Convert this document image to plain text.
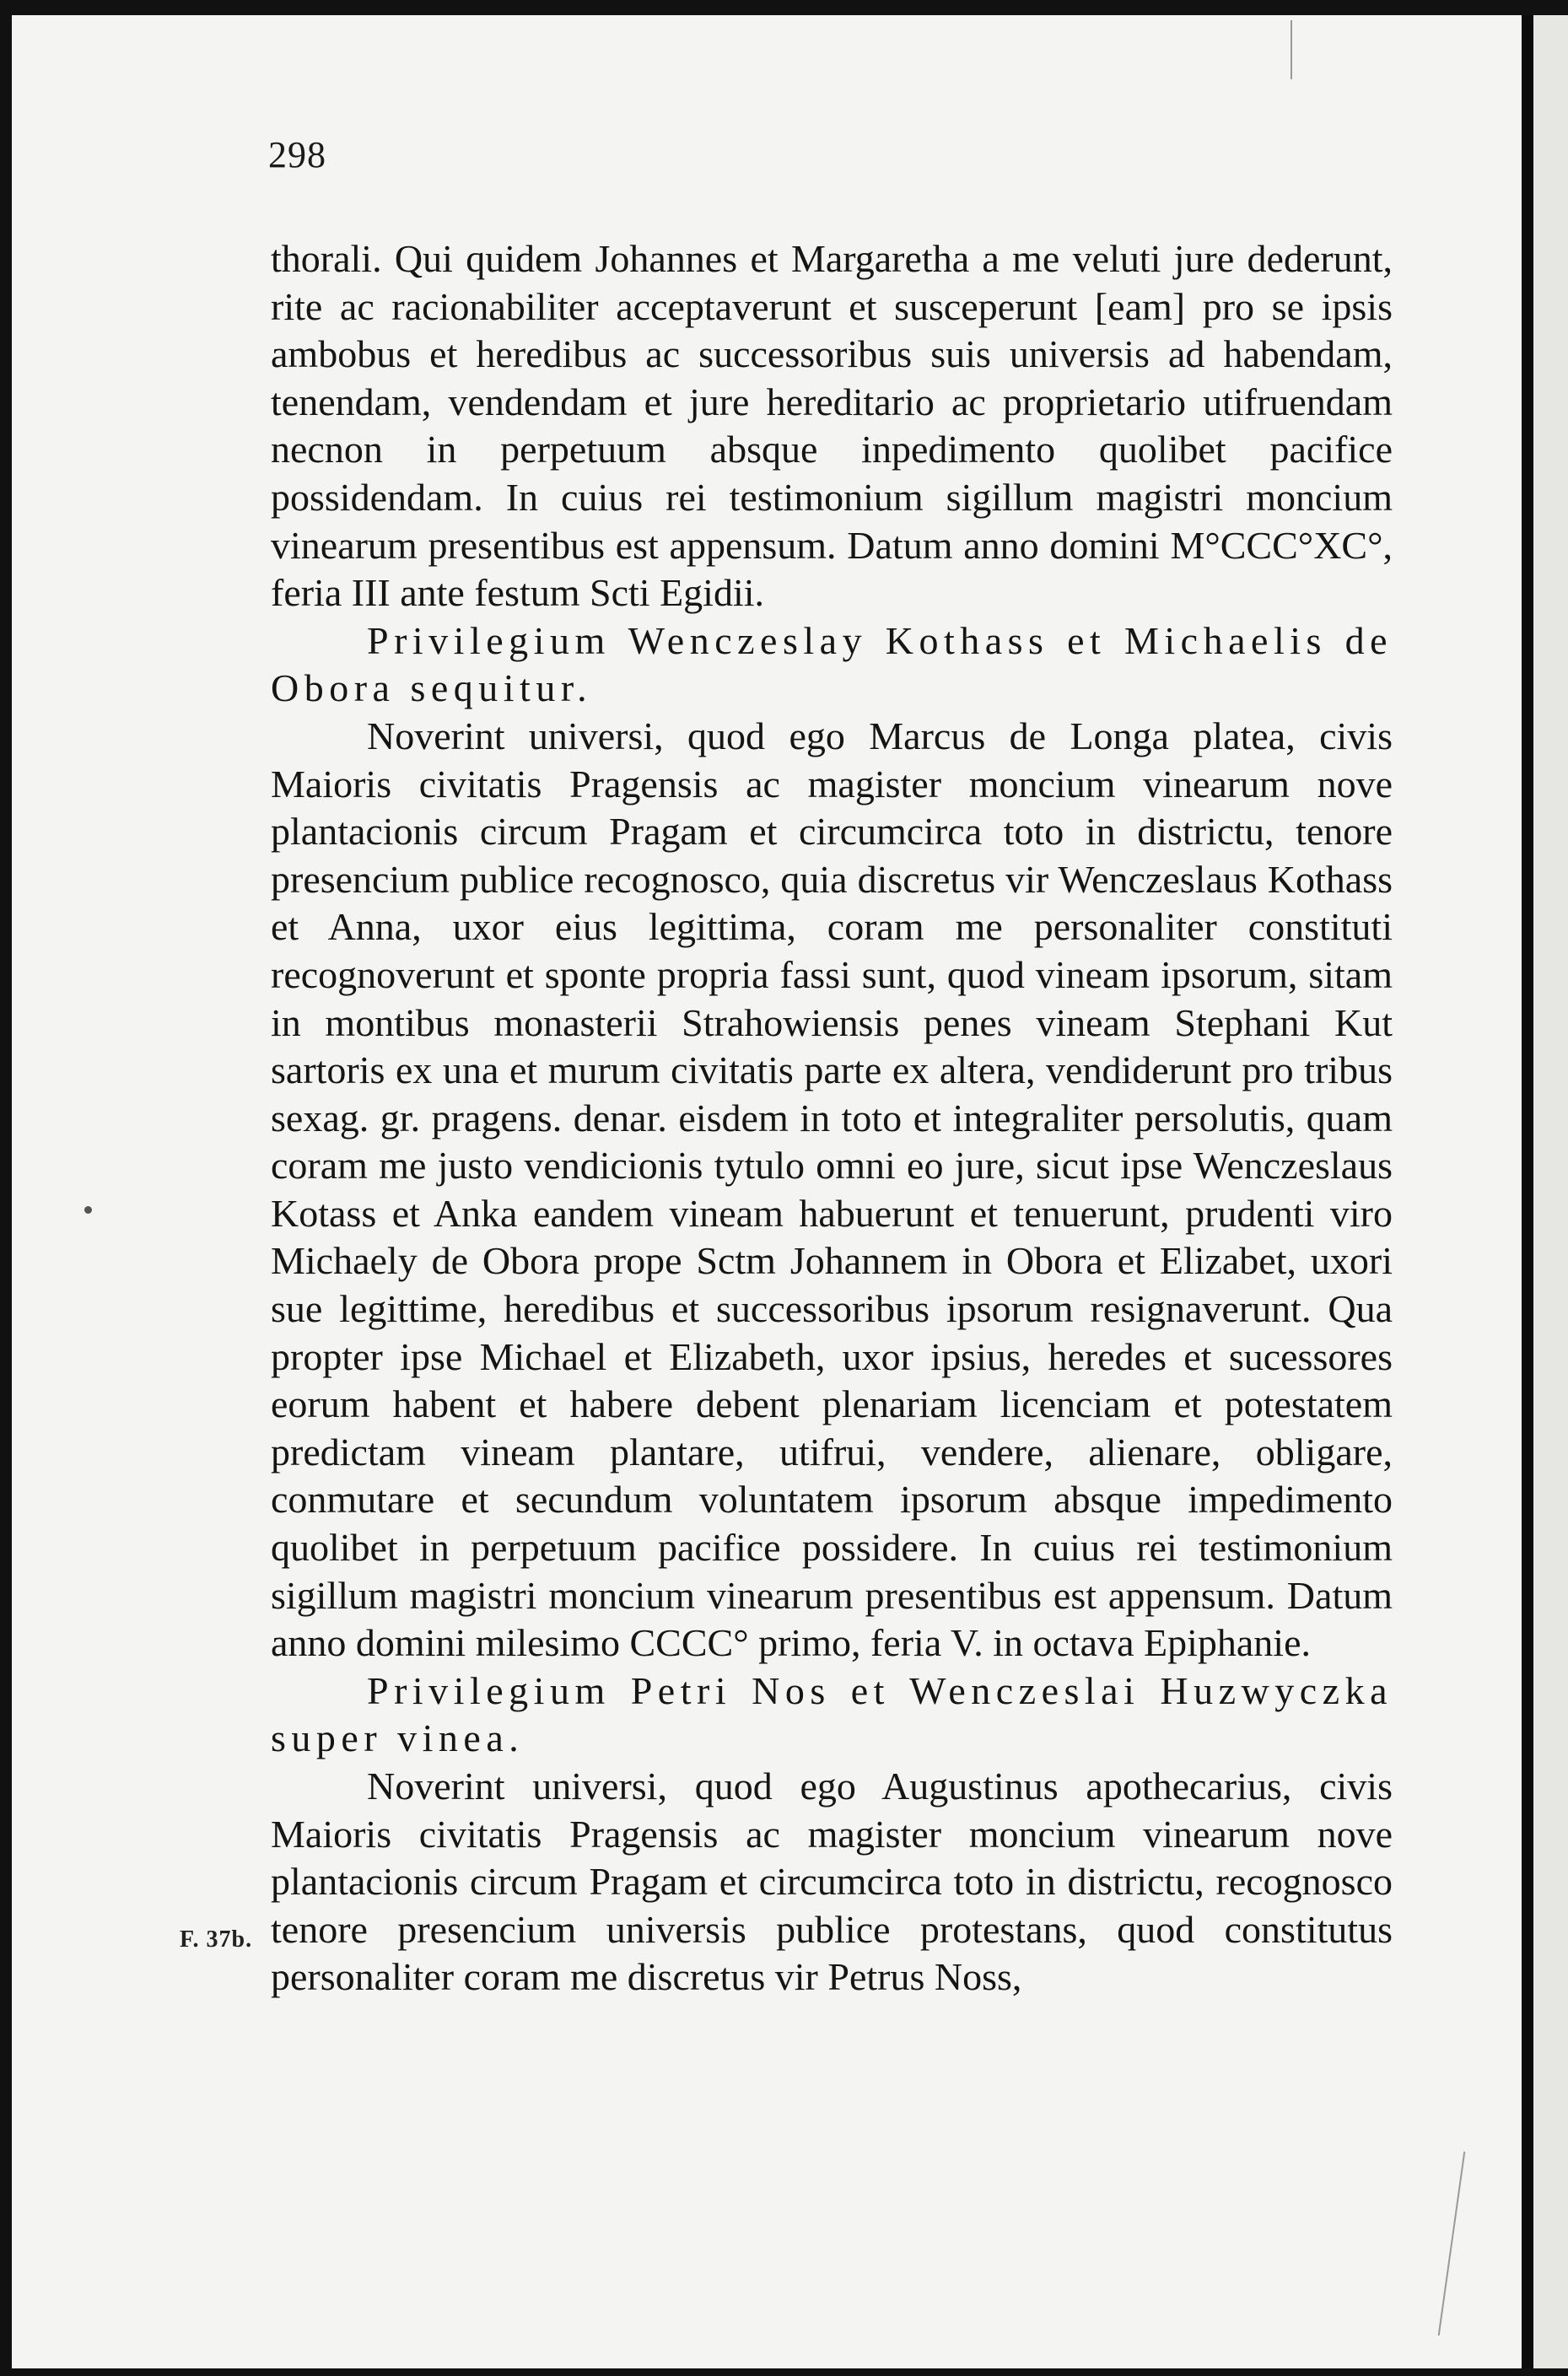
298
F. 37b.

thorali. Qui quidem Johannes et Margaretha a me veluti jure dederunt, rite ac racionabiliter acceptaverunt et susceperunt [eam] pro se ipsis ambobus et heredibus ac successoribus suis universis ad habendam, tenendam, vendendam et jure hereditario ac proprietario utifruendam necnon in perpetuum absque inpedimento quolibet pacifice possidendam. In cuius rei testimonium sigillum magistri moncium vinearum presentibus est appensum. Datum anno domini M°CCC°XC°, feria III ante festum Scti Egidii.

Privilegium Wenczeslay Kothass et Michaelis de Obora sequitur.

Noverint universi, quod ego Marcus de Longa platea, civis Maioris civitatis Pragensis ac magister moncium vinearum nove plantacionis circum Pragam et circumcirca toto in districtu, tenore presencium publice recognosco, quia discretus vir Wenczeslaus Kothass et Anna, uxor eius legittima, coram me personaliter constituti recognoverunt et sponte propria fassi sunt, quod vineam ipsorum, sitam in montibus monasterii Strahowiensis penes vineam Stephani Kut sartoris ex una et murum civitatis parte ex altera, vendiderunt pro tribus sexag. gr. pragens. denar. eisdem in toto et integraliter persolutis, quam coram me justo vendicionis tytulo omni eo jure, sicut ipse Wenczeslaus Kotass et Anka eandem vineam habuerunt et tenuerunt, prudenti viro Michaely de Obora prope Sctm Johannem in Obora et Elizabet, uxori sue legittime, heredibus et successoribus ipsorum resignaverunt. Qua propter ipse Michael et Elizabeth, uxor ipsius, heredes et sucessores eorum habent et habere debent plenariam licenciam et potestatem predictam vineam plantare, utifrui, vendere, alienare, obligare, conmutare et secundum voluntatem ipsorum absque impedimento quolibet in perpetuum pacifice possidere. In cuius rei testimonium sigillum magistri moncium vinearum presentibus est appensum. Datum anno domini milesimo CCCC° primo, feria V. in octava Epiphanie.

Privilegium Petri Nos et Wenczeslai Huzwyczka super vinea.

Noverint universi, quod ego Augustinus apothecarius, civis Maioris civitatis Pragensis ac magister moncium vinearum nove plantacionis circum Pragam et circumcirca toto in districtu, recognosco tenore presencium universis publice protestans, quod constitutus personaliter coram me discretus vir Petrus Noss,
